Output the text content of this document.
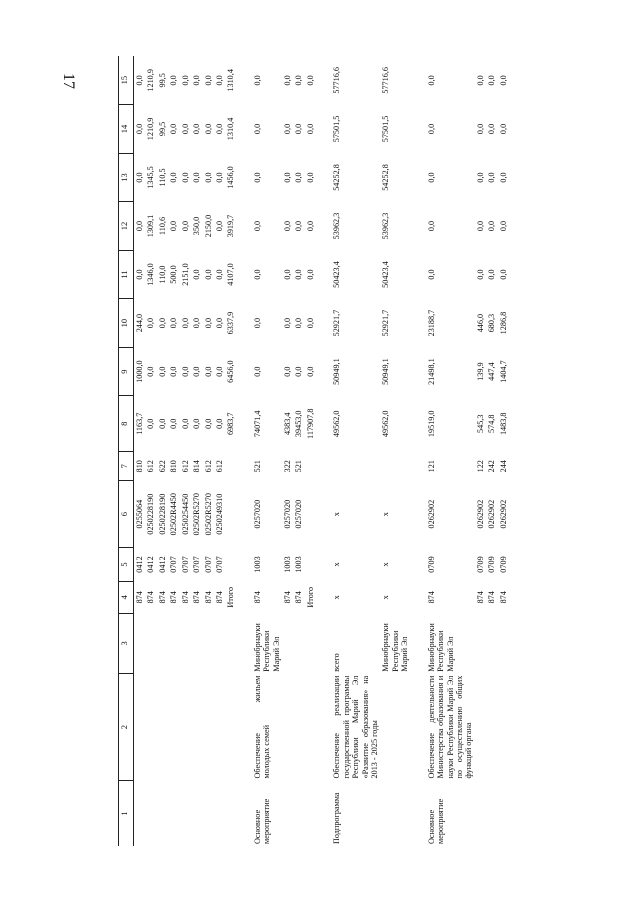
17
1	2	3	4	5	6	7	8	9	10	11	12	13	14	15
			874	0412	0255064	810	1163,7	1000,0	244,0	0,0	0,0	0,0	0,0	0,0
			874	0412	0250228190	612	0,0	0,0	0,0	1346,0	1309,1	1345,5	1210,9	1210,9
			874	0412	0250228190	622	0,0	0,0	0,0	110,0	110,6	110,5	99,5	99,5
			874	0707	02502R4450	810	0,0	0,0	0,0	500,0	0,0	0,0	0,0	0,0
			874	0707	0250254450	612	0,0	0,0	0,0	2151,0	0,0	0,0	0,0	0,0
			874	0707	02502R5270	814	0,0	0,0	0,0	0,0	350,0	0,0	0,0	0,0
			874	0707	02502R5270	612	0,0	0,0	0,0	0,0	2150,0	0,0	0,0	0,0
			874	0707	0250249310	612	0,0	0,0	0,0	0,0	0,0	0,0	0,0	0,0
			Итого				6983,7	6456,0	6337,9	4107,0	3919,7	1456,0	1310,4	1310,4
Основное мероприятие	Обеспечение жильем молодых семей	Минобрнауки Республики Марий Эл	874	1003	0257020	521	74071,4	0,0	0,0	0,0	0,0	0,0	0,0	0,0
			874	1003	0257020	322	4383,4	0,0	0,0	0,0	0,0	0,0	0,0	0,0
			874	1003	0257020	521	39453,0	0,0	0,0	0,0	0,0	0,0	0,0	0,0
			Итого				117907,8	0,0	0,0	0,0	0,0	0,0	0,0	0,0
Подпрограмма	Обеспечение реализации государственной программы Республики Марий Эл «Развитие образования» на 2013 - 2025 годы	всего	x	x	x		49562,0	50949,1	52921,7	50423,4	53962,3	54252,8	57501,5	57716,6
		Минобрнауки Республики Марий Эл	x	x	x		49562,0	50949,1	52921,7	50423,4	53962,3	54252,8	57501,5	57716,6
Основное мероприятие	Обеспечение деятельности Министерства образования и науки Республики Марий Эл по осуществлению общих функций органа	Минобрнауки Республики Марий Эл	874	0709	0262902	121	19519,0	21498,1	23188,7	0,0	0,0	0,0	0,0	0,0
			874	0709	0262902	122	545,3	139,9	446,0	0,0	0,0	0,0	0,0	0,0
			874	0709	0262902	242	574,8	447,4	680,3	0,0	0,0	0,0	0,0	0,0
			874	0709	0262902	244	1483,8	1404,7	1286,8	0,0	0,0	0,0	0,0	0,0
